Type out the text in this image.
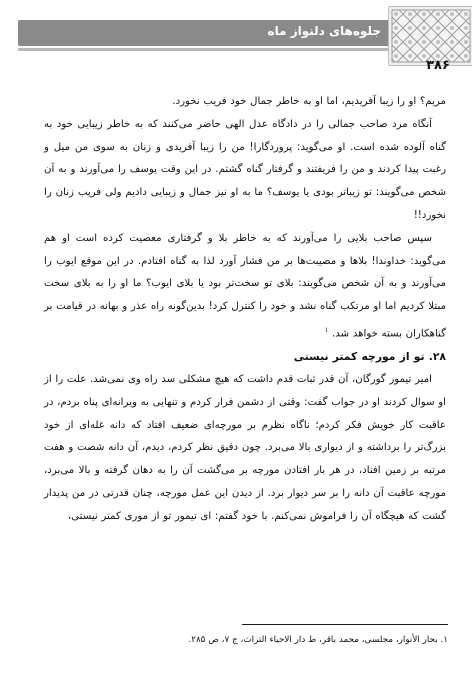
جلوه‌های دلنواز ماه
۳۸۶

مریم؟ او را زیبا آفریدیم، اما او به خاطر جمال خود فریب نخورد.

آنگاه مرد صاحب جمالی را در دادگاه عدل الهی حاضر می‌کنند که به خاطر زیبایی خود به گناه آلوده شده است. او می‌گوید: پروردگارا! من را زیبا آفریدی و زنان به سوی من میل و رغبت پیدا کردند و من را فریفتند و گرفتار گناه گشتم. در این وقت یوسف را می‌آورند و به آن شخص می‌گویند: تو زیباتر بودی یا یوسف؟ ما به او نیز جمال و زیبایی دادیم ولی فریب زنان را نخورد!!

سپس صاحب بلایی را می‌آورند که به خاطر بلا و گرفتاری معصیت کرده است او هم می‌گوید: خداوندا! بلاها و مصیبت‌ها بر من فشار آورد لذا به گناه افتادم. در این موقع ایوب را می‌آورند و به آن شخص می‌گویند: بلای تو سخت‌تر بود یا بلای ایوب؟ ما او را به بلای سخت مبتلا کردیم اما او مرتکب گناه نشد و خود را کنترل کرد! بدین‌گونه راه عذر و بهانه در قیامت بر گناهکاران بسته خواهد شد. $^۱$

۲۸. تو از مورچه کمتر نیستی

امیر تیمور گورگان، آن قدر ثبات قدم داشت که هیچ مشکلی سد راه وی نمی‌شد. علت را از او سوال کردند او در جواب گفت: وقتی از دشمن فرار کردم و تنهایی به ویرانه‌ای پناه بردم، در عاقبت کار خویش فکر کردم؛ ناگاه نظرم بر مورچه‌ای ضعیف افتاد که دانه غله‌ای از خود بزرگ‌تر را برداشته و از دیواری بالا می‌برد. چون دقیق نظر کردم، دیدم، آن دانه شصت و هفت مرتبه بر زمین افتاد، در هر بار افتادن مورچه بر می‌گشت آن را به دهان گرفته و بالا می‌برد، مورچه عاقبت آن دانه را بر سر دیوار برد. از دیدن این عمل مورچه، چنان قدرتی در من پدیدار گشت که هیچگاه آن را فراموش نمی‌کنم. با خود گفتم: ای تیمور تو از موری کمتر نیستی،

۱. بحار الأنوار، مجلسی، محمد باقر، ط دار الاحیاء التراث، ج ۷، ص ۲۸۵.
